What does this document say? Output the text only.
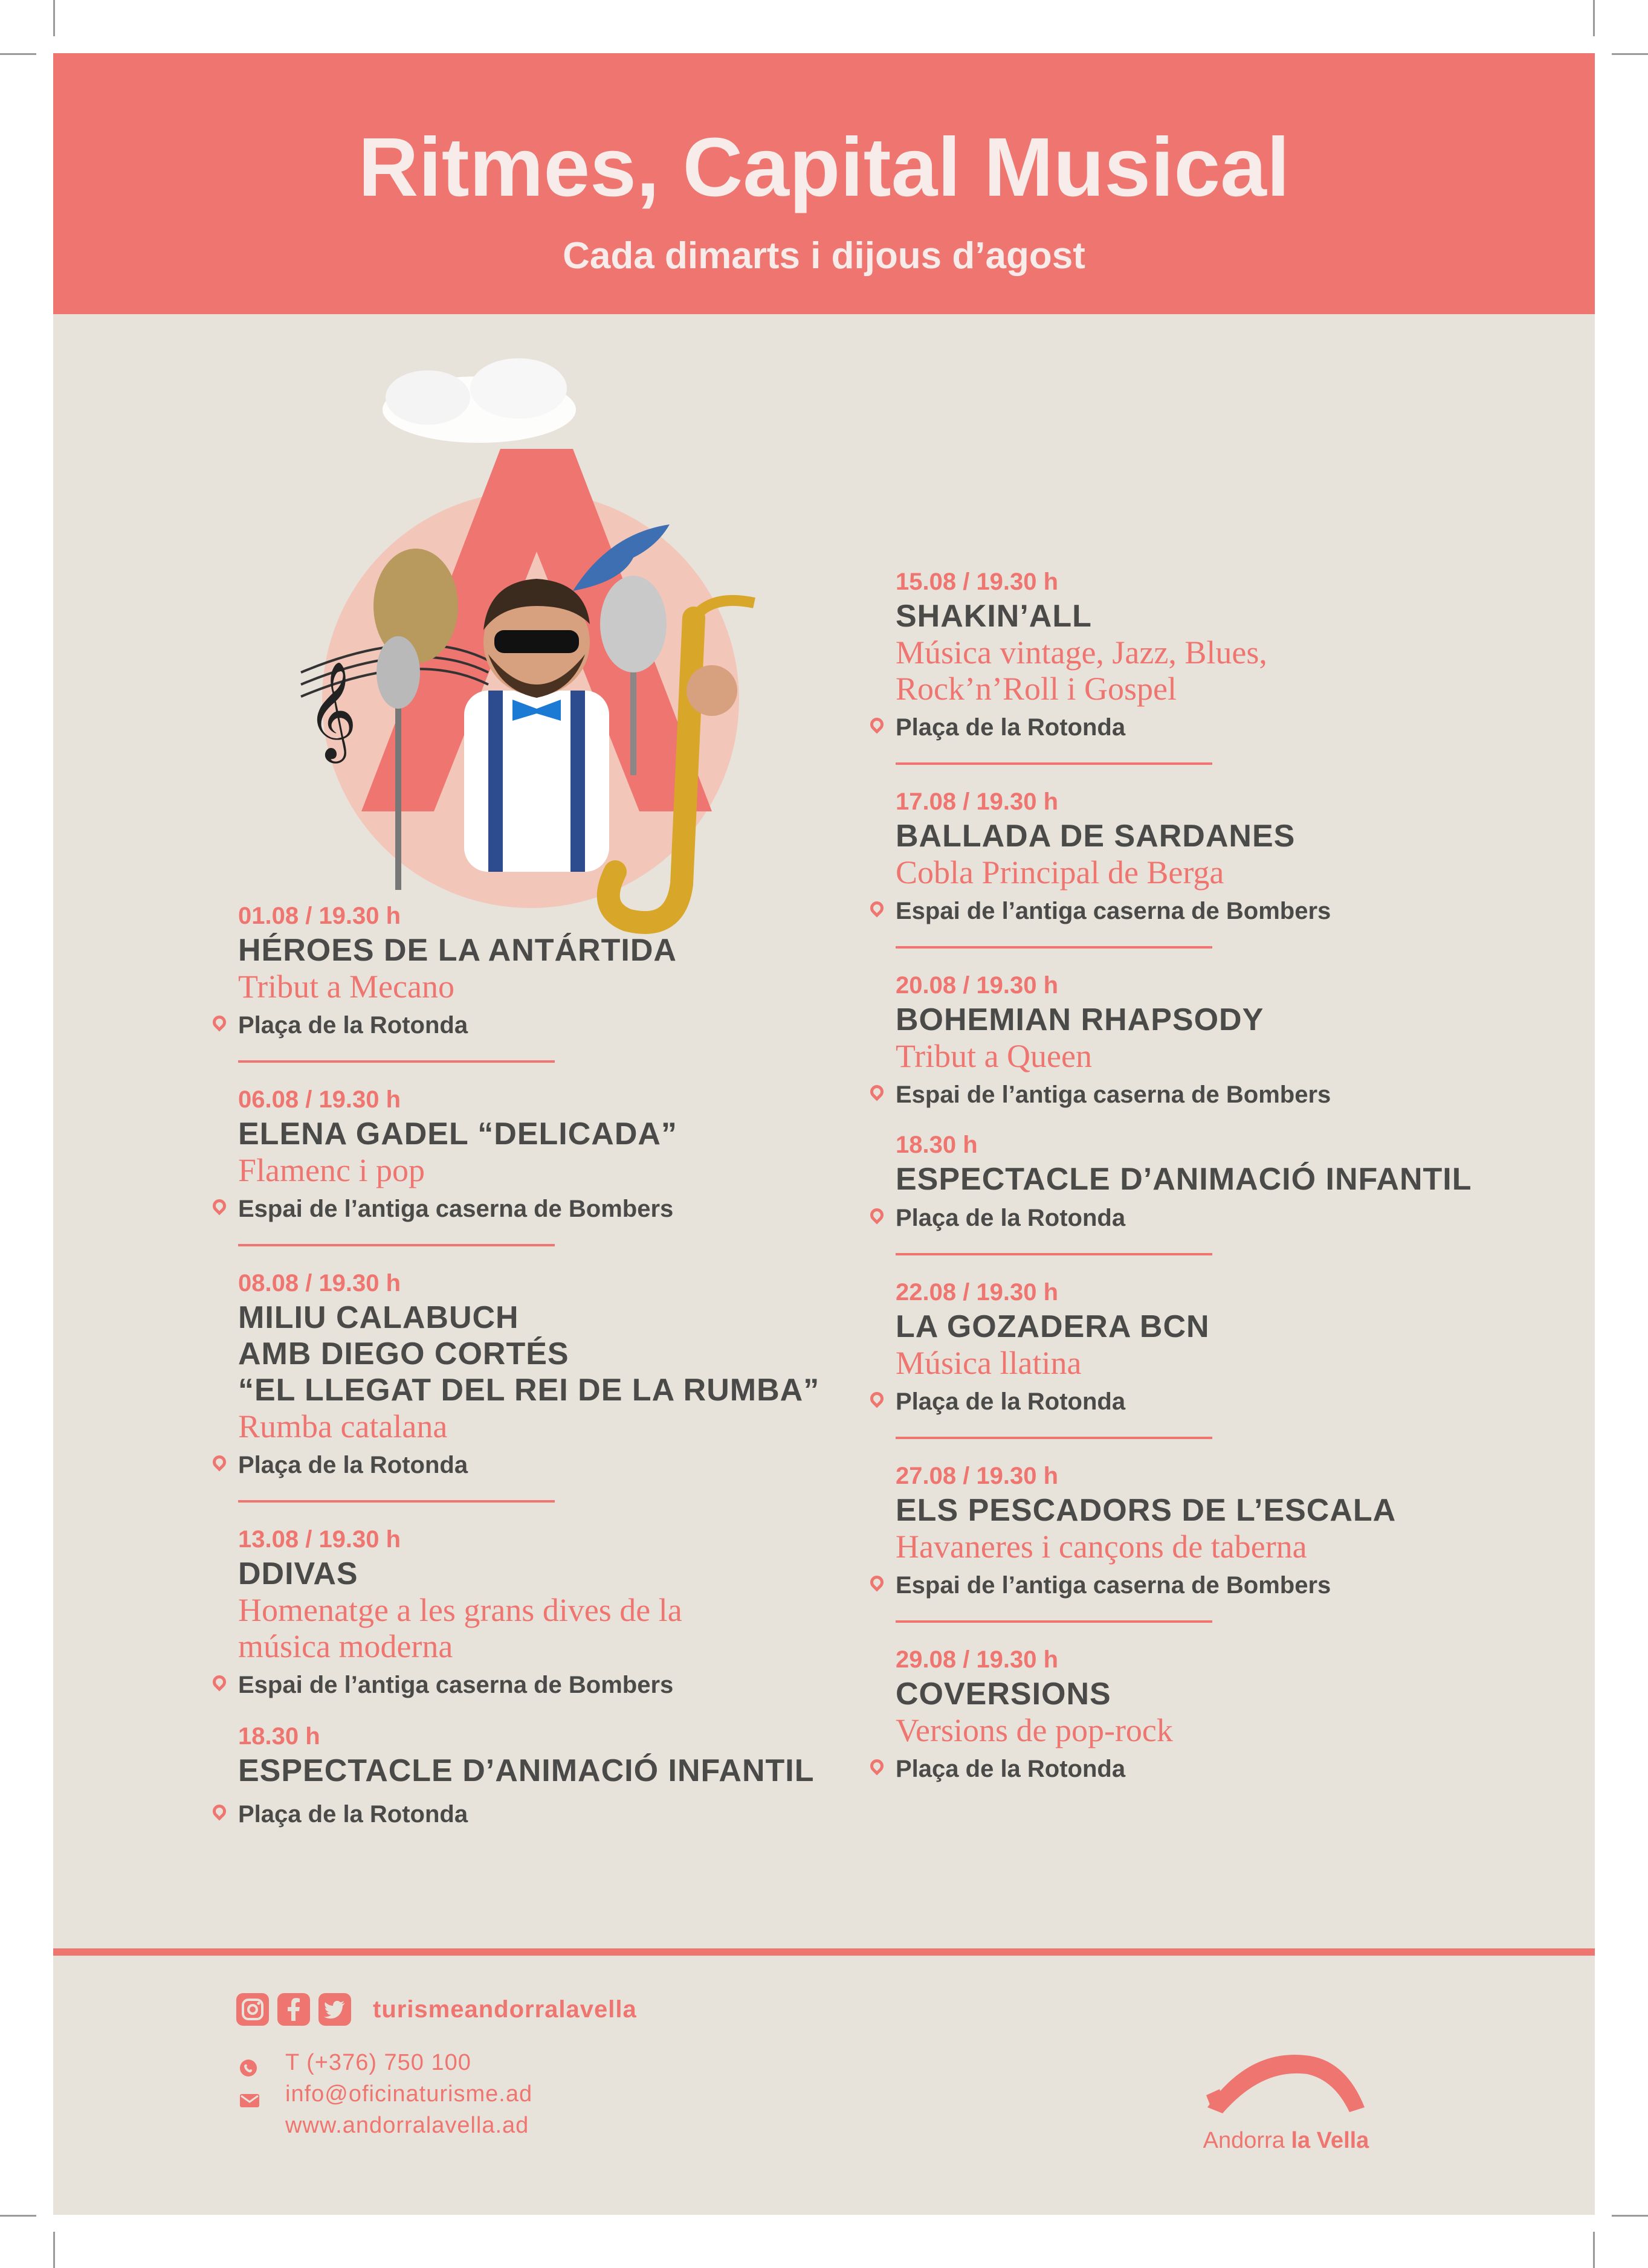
Ritmes, Capital Musical
Cada dimarts i dijous d’agost
𝄞
01.08 / 19.30 h
HÉROES DE LA ANTÁRTIDA
Tribut a Mecano
Plaça de la Rotonda
06.08 / 19.30 h
ELENA GADEL “DELICADA”
Flamenc i pop
Espai de l’antiga caserna de Bombers
08.08 / 19.30 h
MILIU CALABUCH
AMB DIEGO CORTÉS
“EL LLEGAT DEL REI DE LA RUMBA”
Rumba catalana
Plaça de la Rotonda
13.08 / 19.30 h
DDIVAS
Homenatge a les grans dives de la
música moderna
Espai de l’antiga caserna de Bombers
18.30 h
ESPECTACLE D’ANIMACIÓ INFANTIL
Plaça de la Rotonda
15.08 / 19.30 h
SHAKIN’ALL
Música vintage, Jazz, Blues,
Rock’n’Roll i Gospel
Plaça de la Rotonda
17.08 / 19.30 h
BALLADA DE SARDANES
Cobla Principal de Berga
Espai de l’antiga caserna de Bombers
20.08 / 19.30 h
BOHEMIAN RHAPSODY
Tribut a Queen
Espai de l’antiga caserna de Bombers
18.30 h
ESPECTACLE D’ANIMACIÓ INFANTIL
Plaça de la Rotonda
22.08 / 19.30 h
LA GOZADERA BCN
Música llatina
Plaça de la Rotonda
27.08 / 19.30 h
ELS PESCADORS DE L’ESCALA
Havaneres i cançons de taberna
Espai de l’antiga caserna de Bombers
29.08 / 19.30 h
COVERSIONS
Versions de pop-rock
Plaça de la Rotonda
turismeandorralavella
T (+376) 750 100
info@oficinaturisme.ad
www.andorralavella.ad
Andorra la Vella
